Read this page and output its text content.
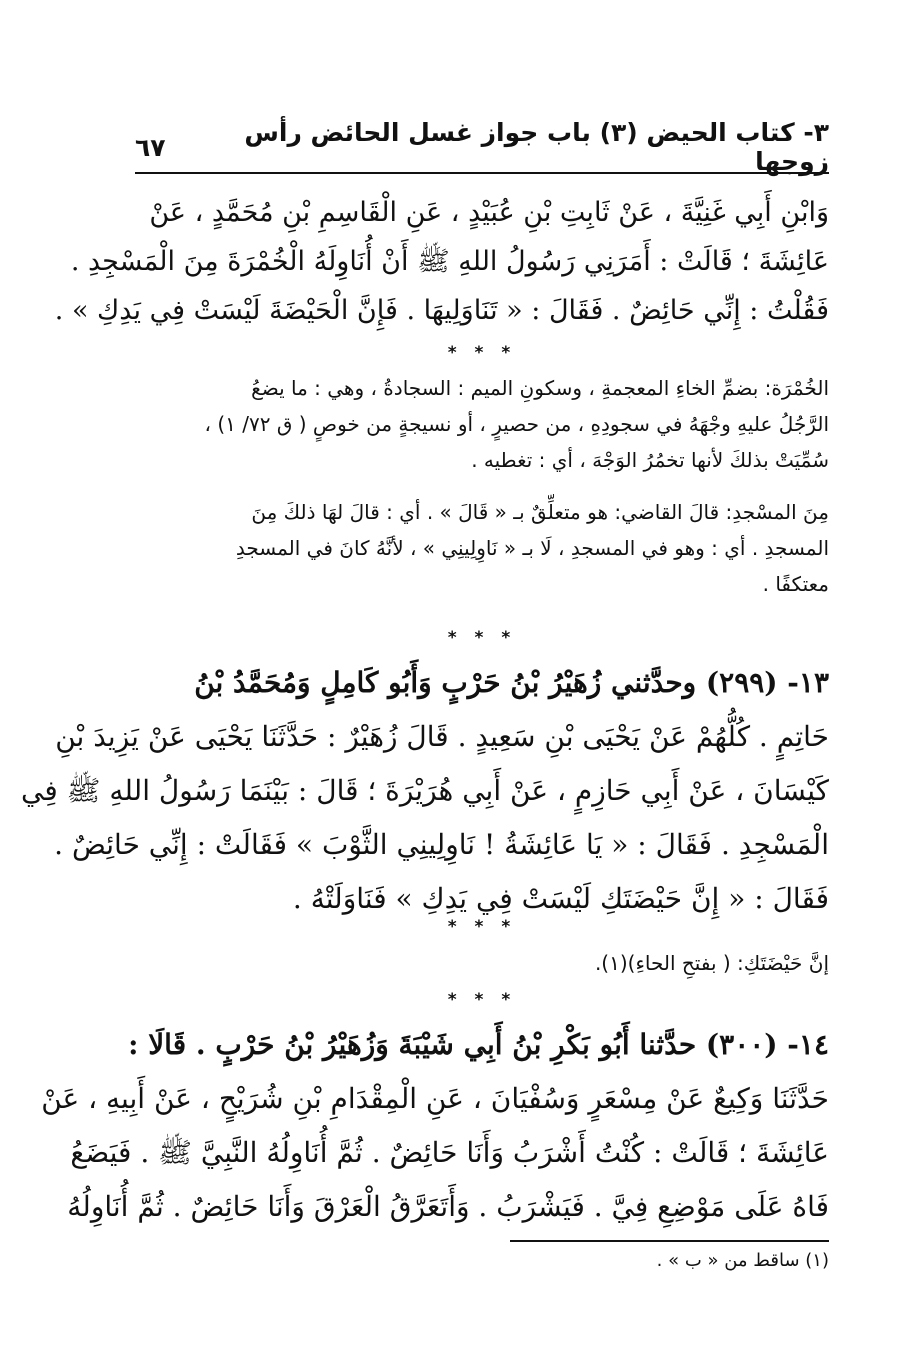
٣- كتاب الحيض (٣) باب جواز غسل الحائض رأس زوجها
٦٧
وَابْنِ أَبِي غَنِيَّةَ ، عَنْ ثَابِتِ بْنِ عُبَيْدٍ ، عَنِ الْقَاسِمِ بْنِ مُحَمَّدٍ ، عَنْ
عَائِشَةَ ؛ قَالَتْ : أَمَرَنِي رَسُولُ اللهِ ﷺ أَنْ أُنَاوِلَهُ الْخُمْرَةَ مِنَ الْمَسْجِدِ .
فَقُلْتُ : إِنِّي حَائِضٌ . فَقَالَ : « تَنَاوَلِيهَا . فَإِنَّ الْحَيْضَةَ لَيْسَتْ فِي يَدِكِ » .
* * *
الخُمْرَة: بضمِّ الخاءِ المعجمةِ ، وسكونِ الميم : السجادةُ ، وهي : ما يضعُ
الرَّجُلُ عليهِ وجْهَهُ في سجودِهِ ، من حصيرٍ ، أو نسيجةٍ من خوصٍ ( ق ٧٢/ ١) ،
سُمِّيَتْ بذلكَ لأنها تخمُرُ الوَجْهَ ، أي : تغطيه .
مِنَ المسْجدِ: قالَ القاضي: هو متعلِّقٌ بـ « قَالَ » . أي : قالَ لهَا ذلكَ مِنَ
المسجدِ . أي : وهو في المسجدِ ، لَا بـ « نَاوِلِينِي » ، لأنَّهُ كانَ في المسجدِ
معتكفًا .
* * *
١٣- (٢٩٩) وحدَّثني زُهَيْرُ بْنُ حَرْبٍ وَأَبُو كَامِلٍ وَمُحَمَّدُ بْنُ
حَاتِمٍ . كُلُّهُمْ عَنْ يَحْيَى بْنِ سَعِيدٍ . قَالَ زُهَيْرٌ : حَدَّثَنَا يَحْيَى عَنْ يَزِيدَ بْنِ
كَيْسَانَ ، عَنْ أَبِي حَازِمٍ ، عَنْ أَبِي هُرَيْرَةَ ؛ قَالَ : بَيْنَمَا رَسُولُ اللهِ ﷺ فِي
الْمَسْجِدِ . فَقَالَ : « يَا عَائِشَةُ ! نَاوِلِينِي الثَّوْبَ » فَقَالَتْ : إِنِّي حَائِضٌ .
فَقَالَ : « إِنَّ حَيْضَتَكِ لَيْسَتْ فِي يَدِكِ » فَنَاوَلَتْهُ .
* * *
إنَّ حَيْضَتَكِ: ( بفتحِ الحاءِ)(١).
* * *
١٤- (٣٠٠) حدَّثنا أَبُو بَكْرِ بْنُ أَبِي شَيْبَةَ وَزُهَيْرُ بْنُ حَرْبٍ . قَالَا :
حَدَّثَنَا وَكِيعٌ عَنْ مِسْعَرٍ وَسُفْيَانَ ، عَنِ الْمِقْدَامِ بْنِ شُرَيْحٍ ، عَنْ أَبِيهِ ، عَنْ
عَائِشَةَ ؛ قَالَتْ : كُنْتُ أَشْرَبُ وَأَنَا حَائِضٌ . ثُمَّ أُنَاوِلُهُ النَّبِيَّ ﷺ . فَيَضَعُ
فَاهُ عَلَى مَوْضِعِ فِيَّ . فَيَشْرَبُ . وَأَتَعَرَّقُ الْعَرْقَ وَأَنَا حَائِضٌ . ثُمَّ أُنَاوِلُهُ
(١) ساقط من « ب » .
